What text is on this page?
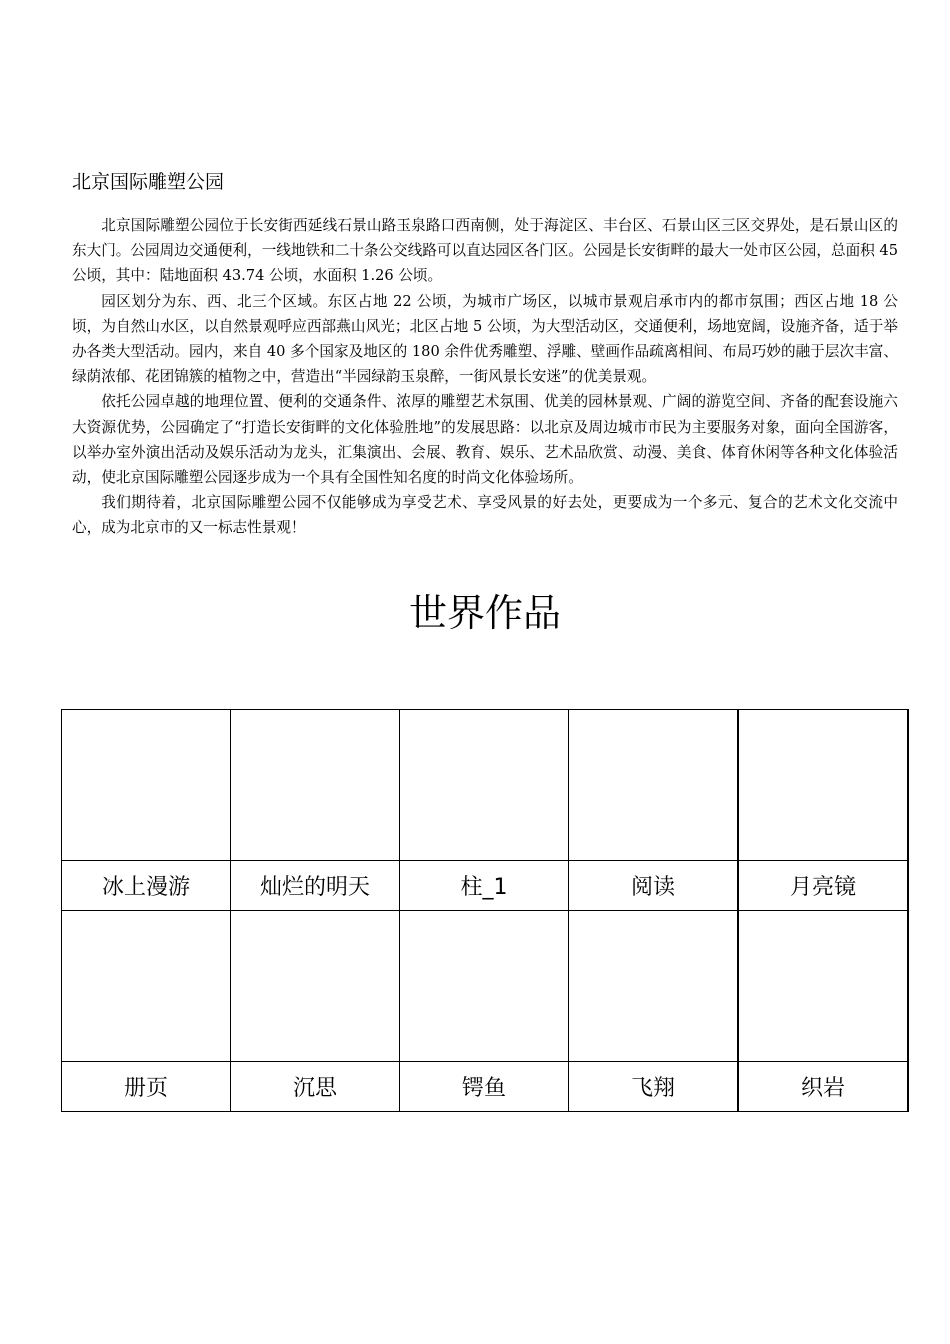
北京国际雕塑公园

北京国际雕塑公园位于长安街西延线石景山路玉泉路口西南侧，处于海淀区、丰台区、石景山区三区交界处，是石景山区的东大门。公园周边交通便利，一线地铁和二十条公交线路可以直达园区各门区。公园是长安街畔的最大一处市区公园，总面积 45 公顷，其中：陆地面积 43.74 公顷，水面积 1.26 公顷。

园区划分为东、西、北三个区域。东区占地 22 公顷，为城市广场区，以城市景观启承市内的都市氛围；西区占地 18 公顷，为自然山水区，以自然景观呼应西部燕山风光；北区占地 5 公顷，为大型活动区，交通便利，场地宽阔，设施齐备，适于举办各类大型活动。园内，来自 40 多个国家及地区的 180 余件优秀雕塑、浮雕、壁画作品疏离相间、布局巧妙的融于层次丰富、绿荫浓郁、花团锦簇的植物之中，营造出“半园绿韵玉泉醉，一街风景长安迷”的优美景观。

依托公园卓越的地理位置、便利的交通条件、浓厚的雕塑艺术氛围、优美的园林景观、广阔的游览空间、齐备的配套设施六大资源优势，公园确定了“打造长安街畔的文化体验胜地”的发展思路：以北京及周边城市市民为主要服务对象，面向全国游客，以举办室外演出活动及娱乐活动为龙头，汇集演出、会展、教育、娱乐、艺术品欣赏、动漫、美食、体育休闲等各种文化体验活动，使北京国际雕塑公园逐步成为一个具有全国性知名度的时尚文化体验场所。

我们期待着，北京国际雕塑公园不仅能够成为享受艺术、享受风景的好去处，更要成为一个多元、复合的艺术文化交流中心，成为北京市的又一标志性景观！

世界作品

冰上漫游	灿烂的明天	柱_1	阅读	月亮镜

册页	沉思	锷鱼	飞翔	织岩
